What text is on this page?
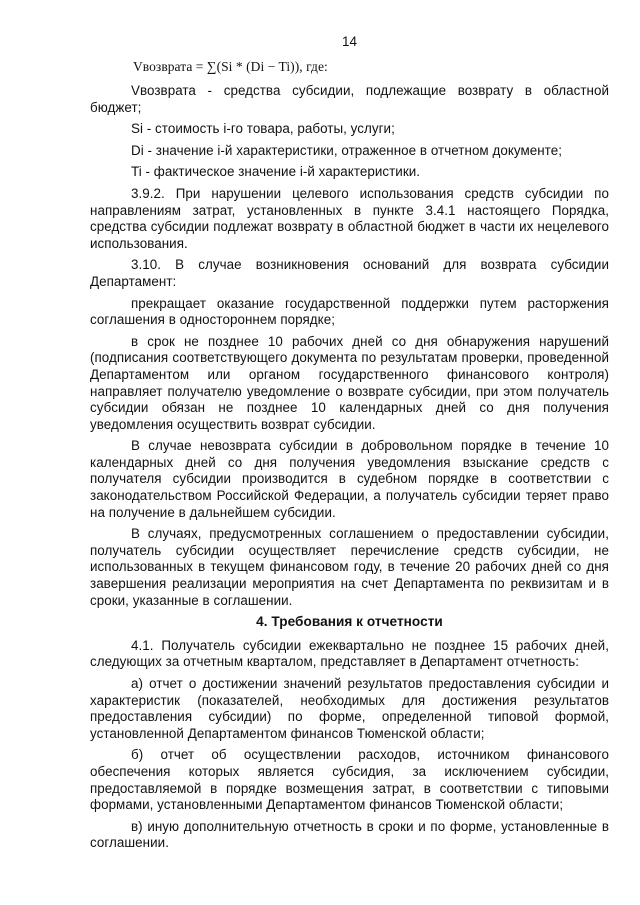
14
Vвозврата = ∑(Si * (Di − Ti)), где:

Vвозврата - средства субсидии, подлежащие возврату в областной бюджет;

Si - стоимость i-го товара, работы, услуги;

Di - значение i-й характеристики, отраженное в отчетном документе;

Ti - фактическое значение i-й характеристики.

3.9.2. При нарушении целевого использования средств субсидии по направлениям затрат, установленных в пункте 3.4.1 настоящего Порядка, средства субсидии подлежат возврату в областной бюджет в части их нецелевого использования.

3.10. В случае возникновения оснований для возврата субсидии Департамент:

прекращает оказание государственной поддержки путем расторжения соглашения в одностороннем порядке;

в срок не позднее 10 рабочих дней со дня обнаружения нарушений (подписания соответствующего документа по результатам проверки, проведенной Департаментом или органом государственного финансового контроля) направляет получателю уведомление о возврате субсидии, при этом получатель субсидии обязан не позднее 10 календарных дней со дня получения уведомления осуществить возврат субсидии.

В случае невозврата субсидии в добровольном порядке в течение 10 календарных дней со дня получения уведомления взыскание средств с получателя субсидии производится в судебном порядке в соответствии с законодательством Российской Федерации, а получатель субсидии теряет право на получение в дальнейшем субсидии.

В случаях, предусмотренных соглашением о предоставлении субсидии, получатель субсидии осуществляет перечисление средств субсидии, не использованных в текущем финансовом году, в течение 20 рабочих дней со дня завершения реализации мероприятия на счет Департамента по реквизитам и в сроки, указанные в соглашении.

4. Требования к отчетности

4.1. Получатель субсидии ежеквартально не позднее 15 рабочих дней, следующих за отчетным кварталом, представляет в Департамент отчетность:

а) отчет о достижении значений результатов предоставления субсидии и характеристик (показателей, необходимых для достижения результатов предоставления субсидии) по форме, определенной типовой формой, установленной Департаментом финансов Тюменской области;

б) отчет об осуществлении расходов, источником финансового обеспечения которых является субсидия, за исключением субсидии, предоставляемой в порядке возмещения затрат, в соответствии с типовыми формами, установленными Департаментом финансов Тюменской области;

в) иную дополнительную отчетность в сроки и по форме, установленные в соглашении.
